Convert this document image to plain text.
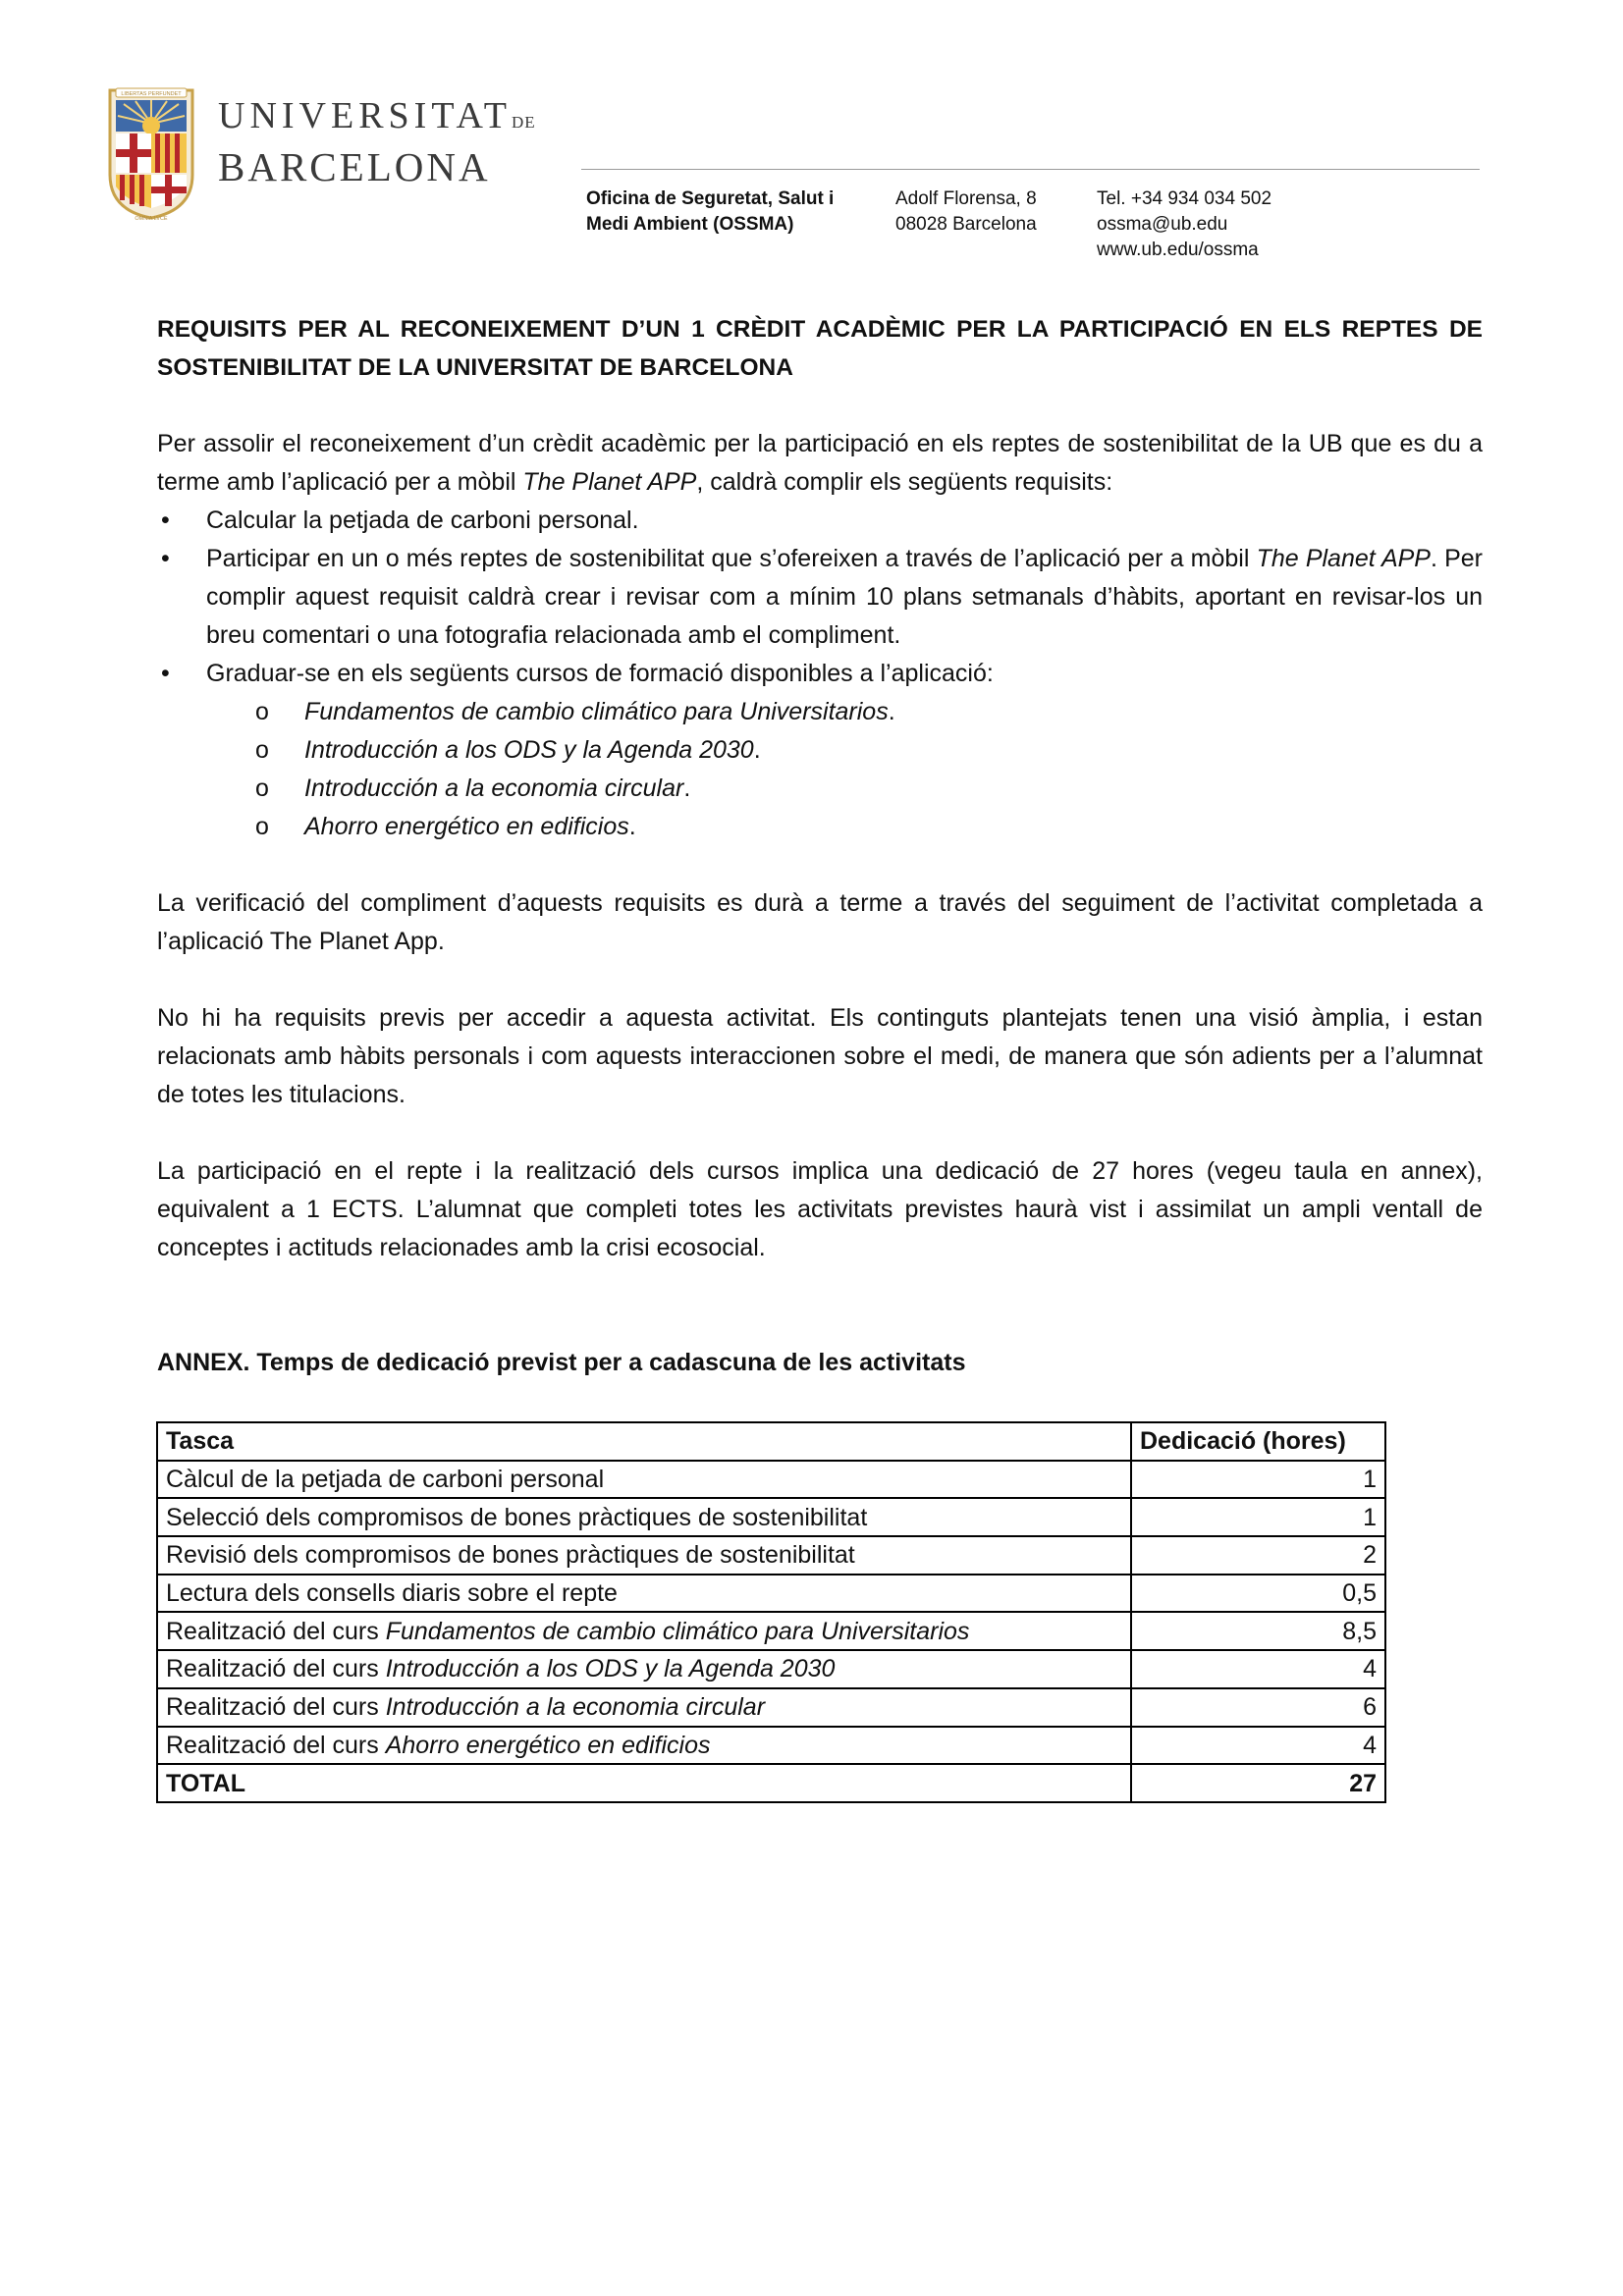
LIBERTAS PERFUNDET
OMNIA LVCE
UNIVERSITATDE
BARCELONA
Oficina de Seguretat, Salut i
Medi Ambient (OSSMA)
Adolf Florensa, 8
08028 Barcelona
Tel. +34 934 034 502
ossma@ub.edu
www.ub.edu/ossma
REQUISITS PER AL RECONEIXEMENT D’UN 1 CRÈDIT ACADÈMIC PER LA PARTICIPACIÓ EN ELS REPTES DE SOSTENIBILITAT DE LA UNIVERSITAT DE BARCELONA
Per assolir el reconeixement d’un crèdit acadèmic per la participació en els reptes de sostenibilitat de la UB que es du a terme amb l’aplicació per a mòbil The Planet APP, caldrà complir els següents requisits:
• Calcular la petjada de carboni personal.
• Participar en un o més reptes de sostenibilitat que s’ofereixen a través de l’aplicació per a mòbil The Planet APP. Per complir aquest requisit caldrà crear i revisar com a mínim 10 plans setmanals d’hàbits, aportant en revisar-los un breu comentari o una fotografia relacionada amb el compliment.
• Graduar-se en els següents cursos de formació disponibles a l’aplicació:
o Fundamentos de cambio climático para Universitarios.
o Introducción a los ODS y la Agenda 2030.
o Introducción a la economia circular.
o Ahorro energético en edificios.
La verificació del compliment d’aquests requisits es durà a terme a través del seguiment de l’activitat completada a l’aplicació The Planet App.
No hi ha requisits previs per accedir a aquesta activitat. Els continguts plantejats tenen una visió àmplia, i estan relacionats amb hàbits personals i com aquests interaccionen sobre el medi, de manera que són adients per a l’alumnat de totes les titulacions.
La participació en el repte i la realització dels cursos implica una dedicació de 27 hores (vegeu taula en annex), equivalent a 1 ECTS. L’alumnat que completi totes les activitats previstes haurà vist i assimilat un ampli ventall de conceptes i actituds relacionades amb la crisi ecosocial.
ANNEX. Temps de dedicació previst per a cadascuna de les activitats
Tasca	Dedicació (hores)
Càlcul de la petjada de carboni personal	1
Selecció dels compromisos de bones pràctiques de sostenibilitat	1
Revisió dels compromisos de bones pràctiques de sostenibilitat	2
Lectura dels consells diaris sobre el repte	0,5
Realització del curs Fundamentos de cambio climático para Universitarios	8,5
Realització del curs Introducción a los ODS y la Agenda 2030	4
Realització del curs Introducción a la economia circular	6
Realització del curs Ahorro energético en edificios	4
TOTAL	27
